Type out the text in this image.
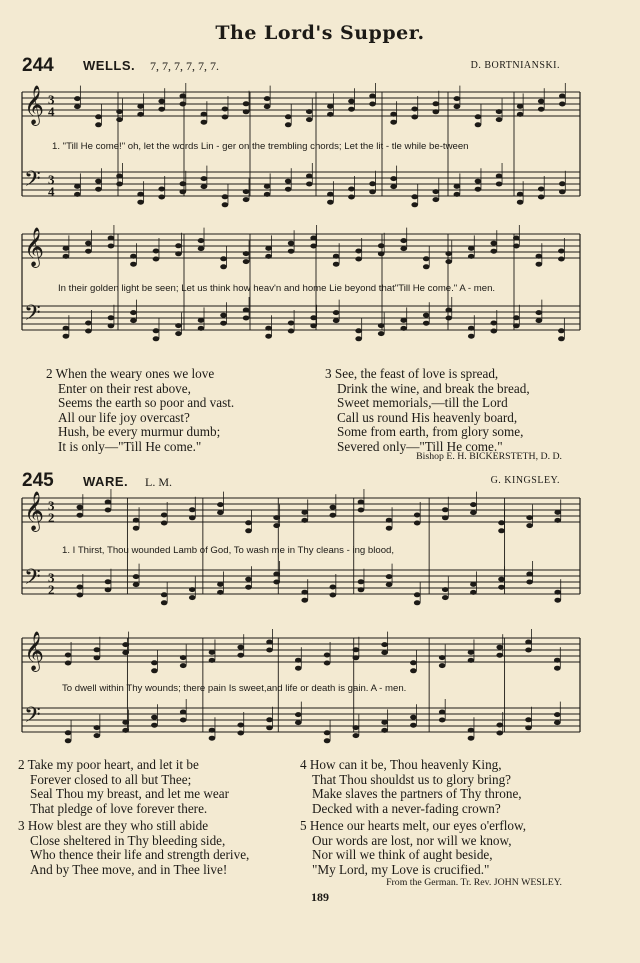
The Lord's Supper.
244 WELLS. 7, 7, 7, 7, 7, 7.	D. BORTNIANSKI.
𝄞
𝄢
3
4
3
4
𝄞
𝄢
1. "Till He come!" oh, let the words Lin - ger on the trembling chords; Let the lit - tle while be-tween
In their golden light be seen; Let us think how heav'n and home Lie beyond that"Till He come." A - men.
2 When the weary ones we love
Enter on their rest above,
Seems the earth so poor and vast.
All our life joy overcast?
Hush, be every murmur dumb;
It is only—"Till He come."
3 See, the feast of love is spread,
Drink the wine, and break the bread,
Sweet memorials,—till the Lord
Call us round His heavenly board,
Some from earth, from glory some,
Severed only—"Till He come."
Bishop E. H. BICKERSTETH, D. D.
245 WARE. L. M.	G. KINGSLEY.
𝄞
𝄢
3
2
3
2
𝄞
𝄢
1. I Thirst, Thou wounded Lamb of God, To wash me in Thy cleans - ing blood,
To dwell within Thy wounds; there pain Is sweet,and life or death is gain. A - men.
2 Take my poor heart, and let it be
Forever closed to all but Thee;
Seal Thou my breast, and let me wear
That pledge of love forever there.
3 How blest are they who still abide
Close sheltered in Thy bleeding side,
Who thence their life and strength derive,
And by Thee move, and in Thee live!
4 How can it be, Thou heavenly King,
That Thou shouldst us to glory bring?
Make slaves the partners of Thy throne,
Decked with a never-fading crown?
5 Hence our hearts melt, our eyes o'erflow,
Our words are lost, nor will we know,
Nor will we think of aught beside,
"My Lord, my Love is crucified."
From the German. Tr. Rev. JOHN WESLEY.
189
